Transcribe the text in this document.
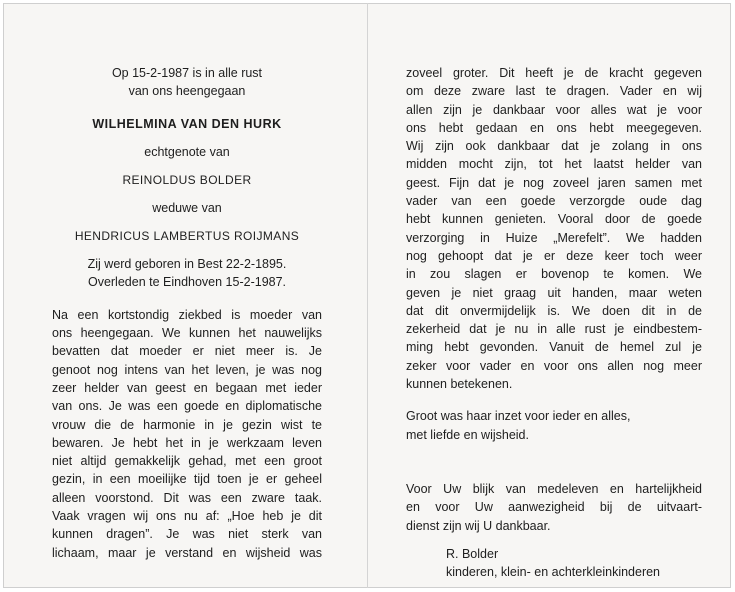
Op 15-2-1987 is in alle rust
van ons heengegaan
WILHELMINA VAN DEN HURK
echtgenote van
REINOLDUS BOLDER
weduwe van
HENDRICUS LAMBERTUS ROIJMANS
Zij werd geboren in Best 22-2-1895.
Overleden te Eindhoven 15-2-1987.
Na een kortstondig ziekbed is moeder van
ons heengegaan. We kunnen het nauwelijks
bevatten dat moeder er niet meer is. Je
genoot nog intens van het leven, je was nog
zeer helder van geest en begaan met ieder
van ons. Je was een goede en diplomatische
vrouw die de harmonie in je gezin wist te
bewaren. Je hebt het in je werkzaam leven
niet altijd gemakkelijk gehad, met een groot
gezin, in een moeilijke tijd toen je er geheel
alleen voorstond. Dit was een zware taak.
Vaak vragen wij ons nu af: „Hoe heb je dit
kunnen dragen”. Je was niet sterk van
lichaam, maar je verstand en wijsheid was
zoveel groter. Dit heeft je de kracht gegeven
om deze zware last te dragen. Vader en wij
allen zijn je dankbaar voor alles wat je voor
ons hebt gedaan en ons hebt meegegeven.
Wij zijn ook dankbaar dat je zolang in ons
midden mocht zijn, tot het laatst helder van
geest. Fijn dat je nog zoveel jaren samen met
vader van een goede verzorgde oude dag
hebt kunnen genieten. Vooral door de goede
verzorging in Huize „Merefelt”. We hadden
nog gehoopt dat je er deze keer toch weer
in zou slagen er bovenop te komen. We
geven je niet graag uit handen, maar weten
dat dit onvermijdelijk is. We doen dit in de
zekerheid dat je nu in alle rust je eindbestem-
ming hebt gevonden. Vanuit de hemel zul je
zeker voor vader en voor ons allen nog meer
kunnen betekenen.
Groot was haar inzet voor ieder en alles,
met liefde en wijsheid.
Voor Uw blijk van medeleven en hartelijkheid
en voor Uw aanwezigheid bij de uitvaart-
dienst zijn wij U dankbaar.
R. Bolder
kinderen, klein- en achterkleinkinderen
